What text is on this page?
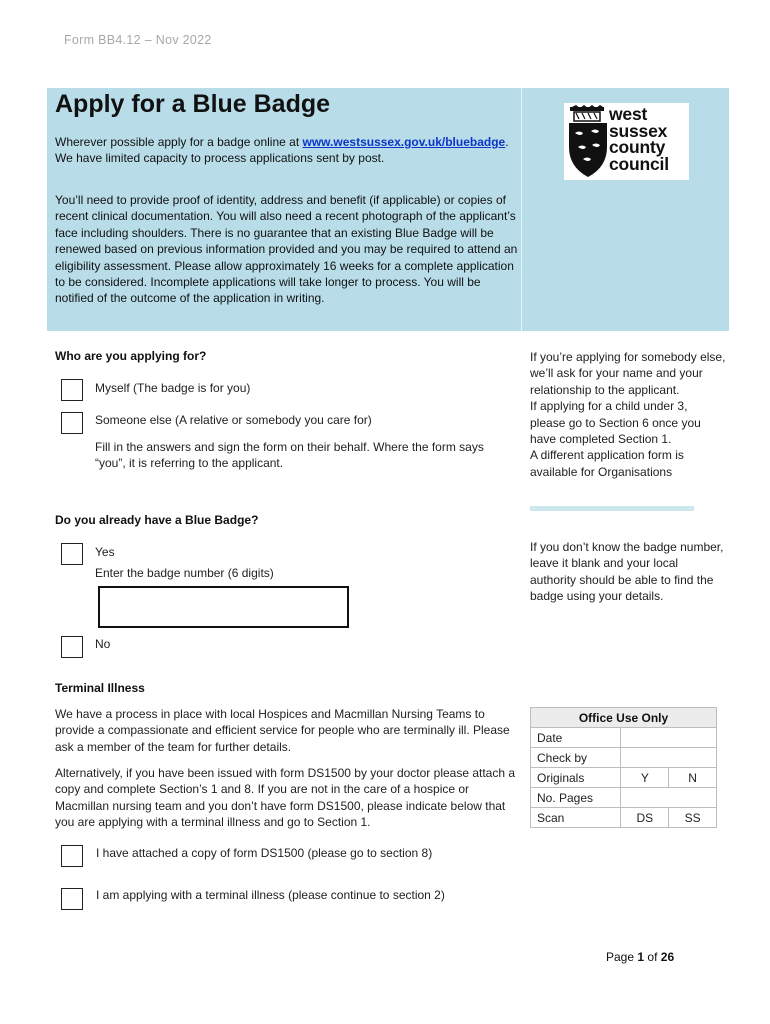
Form BB4.12 – Nov 2022
Apply for a Blue Badge

Wherever possible apply for a badge online at www.westsussex.gov.uk/bluebadge. We have limited capacity to process applications sent by post.

You’ll need to provide proof of identity, address and benefit (if applicable) or copies of recent clinical documentation. You will also need a recent photograph of the applicant’s face including shoulders. There is no guarantee that an existing Blue Badge will be renewed based on previous information provided and you may be required to attend an eligibility assessment. Please allow approximately 16 weeks for a complete application to be considered. Incomplete applications will take longer to process. You will be notified of the outcome of the application in writing.

west
sussex
county
council
Who are you applying for?
Myself (The badge is for you)
Someone else (A relative or somebody you care for)

Fill in the answers and sign the form on their behalf. Where the form says “you”, it is referring to the applicant.

If you’re applying for somebody else, we’ll ask for your name and your relationship to the applicant.
If applying for a child under 3, please go to Section 6 once you have completed Section 1.
A different application form is available for Organisations
Do you already have a Blue Badge?
Yes
Enter the badge number (6 digits)
No
If you don’t know the badge number, leave it blank and your local authority should be able to find the badge using your details.
Terminal Illness

We have a process in place with local Hospices and Macmillan Nursing Teams to provide a compassionate and efficient service for people who are terminally ill. Please ask a member of the team for further details.

Alternatively, if you have been issued with form DS1500 by your doctor please attach a copy and complete Section’s 1 and 8. If you are not in the care of a hospice or Macmillan nursing team and you don’t have form DS1500, please indicate below that you are applying with a terminal illness and go to Section 1.

I have attached a copy of form DS1500 (please go to section 8)
I am applying with a terminal illness (please continue to section 2)
Office Use Only		
Date		
Check by		
Originals	Y	N
No. Pages		
Scan	DS	SS
Page 1 of 26
